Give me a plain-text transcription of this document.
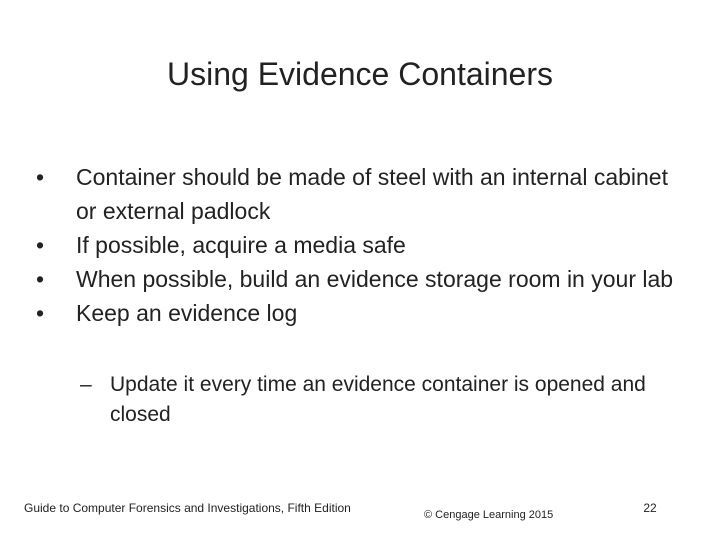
Using Evidence Containers
•	Container should be made of steel with an internal cabinet or external padlock
•	If possible, acquire a media safe
•	When possible, build an evidence storage room in your lab
•	Keep an evidence log
– Update it every time an evidence container is opened and closed
Guide to Computer Forensics and Investigations, Fifth Edition	© Cengage Learning 2015	22
